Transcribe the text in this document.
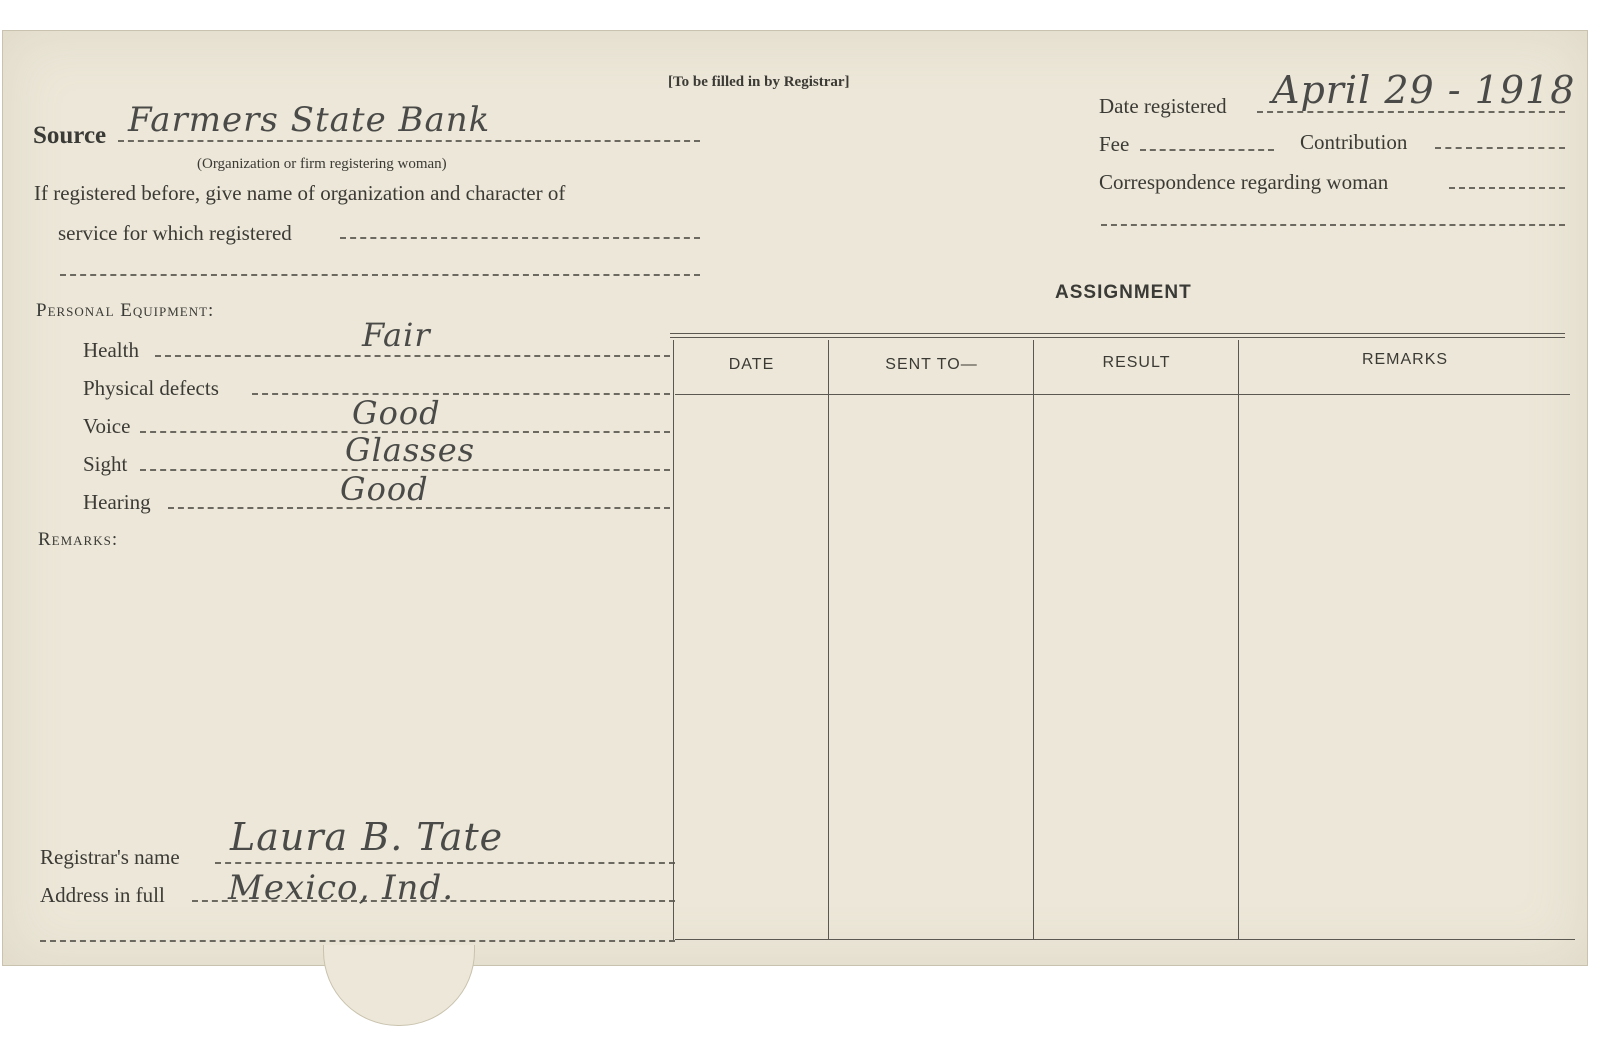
[To be filled in by Registrar]
Source Farmers State Bank
(Organization or firm registering woman)
If registered before, give name of organization and character of
service for which registered
Personal Equipment:
Health	Fair
Physical defects
Voice	Good
Sight	Glasses
Hearing	Good
Remarks:
Registrar's name Laura B. Tate
Address in full Mexico, Ind.
Date registered April 29 - 1918
Fee	Contribution
Correspondence regarding woman
ASSIGNMENT
DATE	SENT TO—	RESULT	REMARKS
